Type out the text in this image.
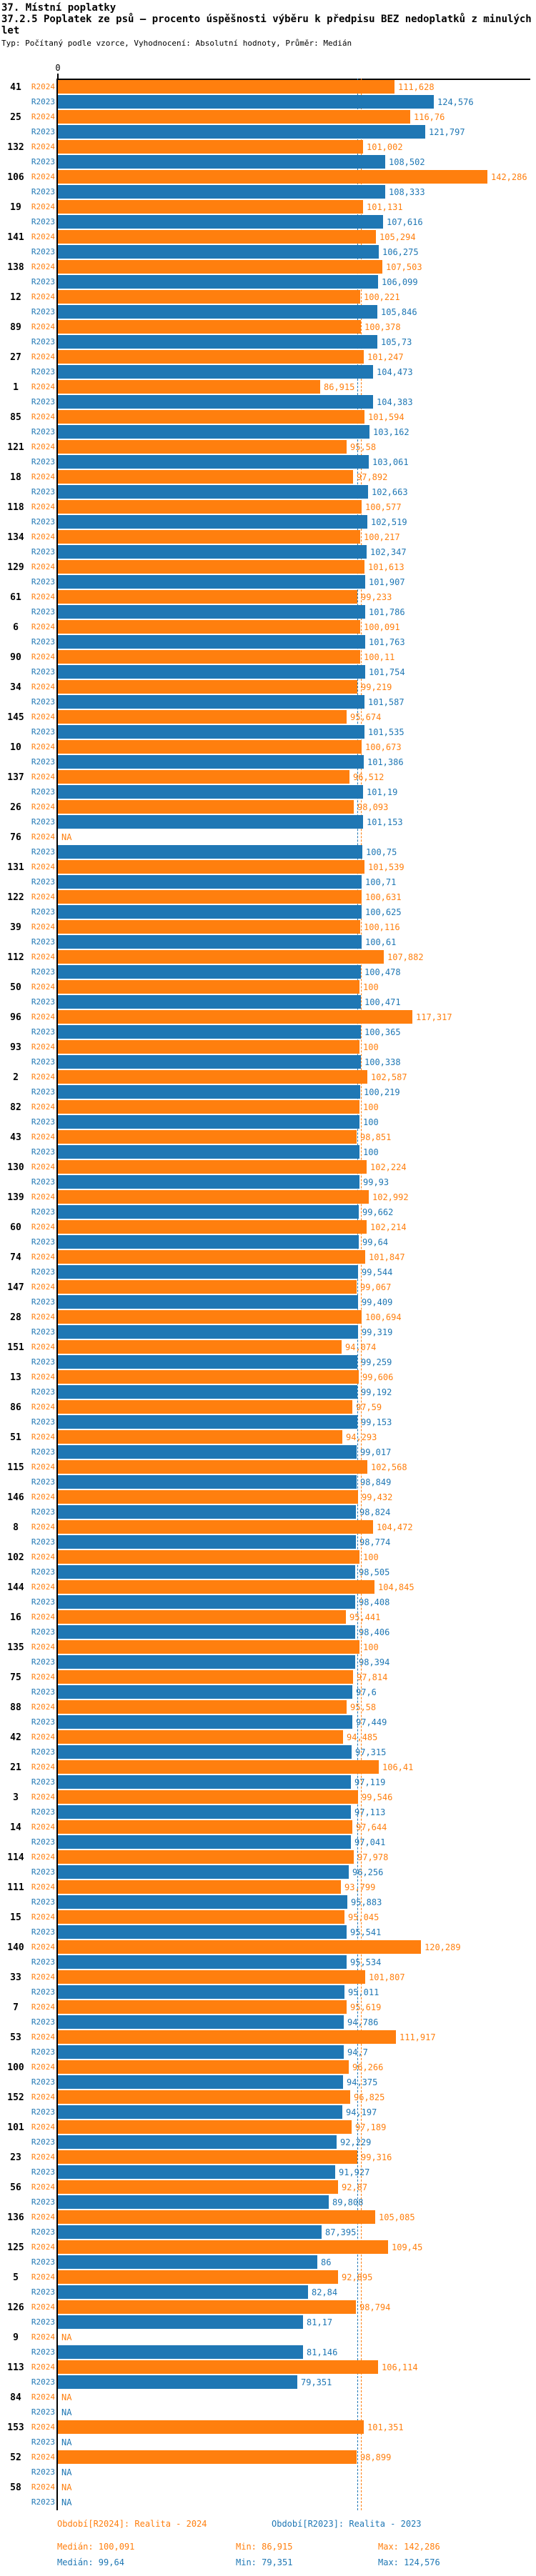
37. Místní poplatky
37.2.5 Poplatek ze psů – procento úspěšnosti výběru k předpisu BEZ nedoplatků z minulých let
Typ: Počítaný podle vzorce, Vyhodnocení: Absolutní hodnoty, Průměr: Medián
0
41	R2024	111,628
R2023	124,576
25	R2024	116,76
R2023	121,797
132 R2024	101,002
R2023	108,502
106 R2024	142,286
R2023	108,333
19	R2024	101,131
R2023	107,616
141 R2024	105,294
R2023	106,275
138 R2024	107,503
R2023	106,099
12	R2024	100,221
R2023	105,846
89	R2024	100,378
R2023	105,73
27	R2024	101,247
R2023	104,473
1	R2024	86,915
R2023	104,383
85	R2024	101,594
R2023	103,162
121 R2024	95,58
R2023	103,061
18	R2024	97,892
R2023	102,663
118 R2024	100,577
R2023	102,519
134 R2024	100,217
R2023	102,347
129 R2024	101,613
R2023	101,907
61	R2024	99,233
R2023	101,786
6	R2024	100,091
R2023	101,763
90	R2024	100,11
R2023	101,754
34	R2024	99,219
R2023	101,587
145 R2024	95,674
R2023	101,535
10	R2024	100,673
R2023	101,386
137 R2024	96,512
R2023	101,19
26	R2024	98,093
R2023	101,153
76	R2024 NA
R2023	100,75
131 R2024	101,539
R2023	100,71
122 R2024	100,631
R2023	100,625
39	R2024	100,116
R2023	100,61
112 R2024	107,882
R2023	100,478
50	R2024	100
R2023	100,471
96	R2024	117,317
R2023	100,365
93	R2024	100
R2023	100,338
2	R2024	102,587
R2023	100,219
82	R2024	100
R2023	100
43	R2024	98,851
R2023	100
130 R2024	102,224
R2023	99,93
139 R2024	102,992
R2023	99,662
60	R2024	102,214
R2023	99,64
74	R2024	101,847
R2023	99,544
147 R2024	99,067
R2023	99,409
28	R2024	100,694
R2023	99,319
151 R2024	94,074
R2023	99,259
13	R2024	99,606
R2023	99,192
86	R2024	97,59
R2023	99,153
51	R2024	94,293
R2023	99,017
115 R2024	102,568
R2023	98,849
146 R2024	99,432
R2023	98,824
8	R2024	104,472
R2023	98,774
102 R2024	100
R2023	98,505
144 R2024	104,845
R2023	98,408
16	R2024	95,441
R2023	98,406
135 R2024	100
R2023	98,394
75	R2024	97,814
R2023	97,6
88	R2024	95,58
R2023	97,449
42	R2024	94,485
R2023	97,315
21	R2024	106,41
R2023	97,119
3	R2024	99,546
R2023	97,113
14	R2024	97,644
R2023	97,041
114 R2024	97,978
R2023	96,256
111 R2024	93,799
R2023	95,883
15	R2024	95,045
R2023	95,541
140 R2024	120,289
R2023	95,534
33	R2024	101,807
R2023	95,011
7	R2024	95,619
R2023	94,786
53	R2024	111,917
R2023	94,7
100 R2024	96,266
R2023	94,375
152 R2024	96,825
R2023	94,197
101 R2024	97,189
R2023	92,229
23	R2024	99,316
R2023	91,927
56	R2024	92,87
R2023	89,808
136 R2024	105,085
R2023	87,395
125 R2024	109,45
R2023	86
5	R2024	92,895
R2023	82,84
126 R2024	98,794
R2023	81,17
9	R2024 NA
R2023	81,146
113 R2024	106,114
R2023	79,351
84	R2024 NA
R2023 NA
153 R2024	101,351
R2023 NA
52	R2024	98,899
R2023 NA
58	R2024 NA
R2023 NA
Období[R2024]: Realita - 2024	Období[R2023]: Realita - 2023
Medián: 100,091	Min: 86,915	Max: 142,286
Medián: 99,64	Min: 79,351	Max: 124,576
